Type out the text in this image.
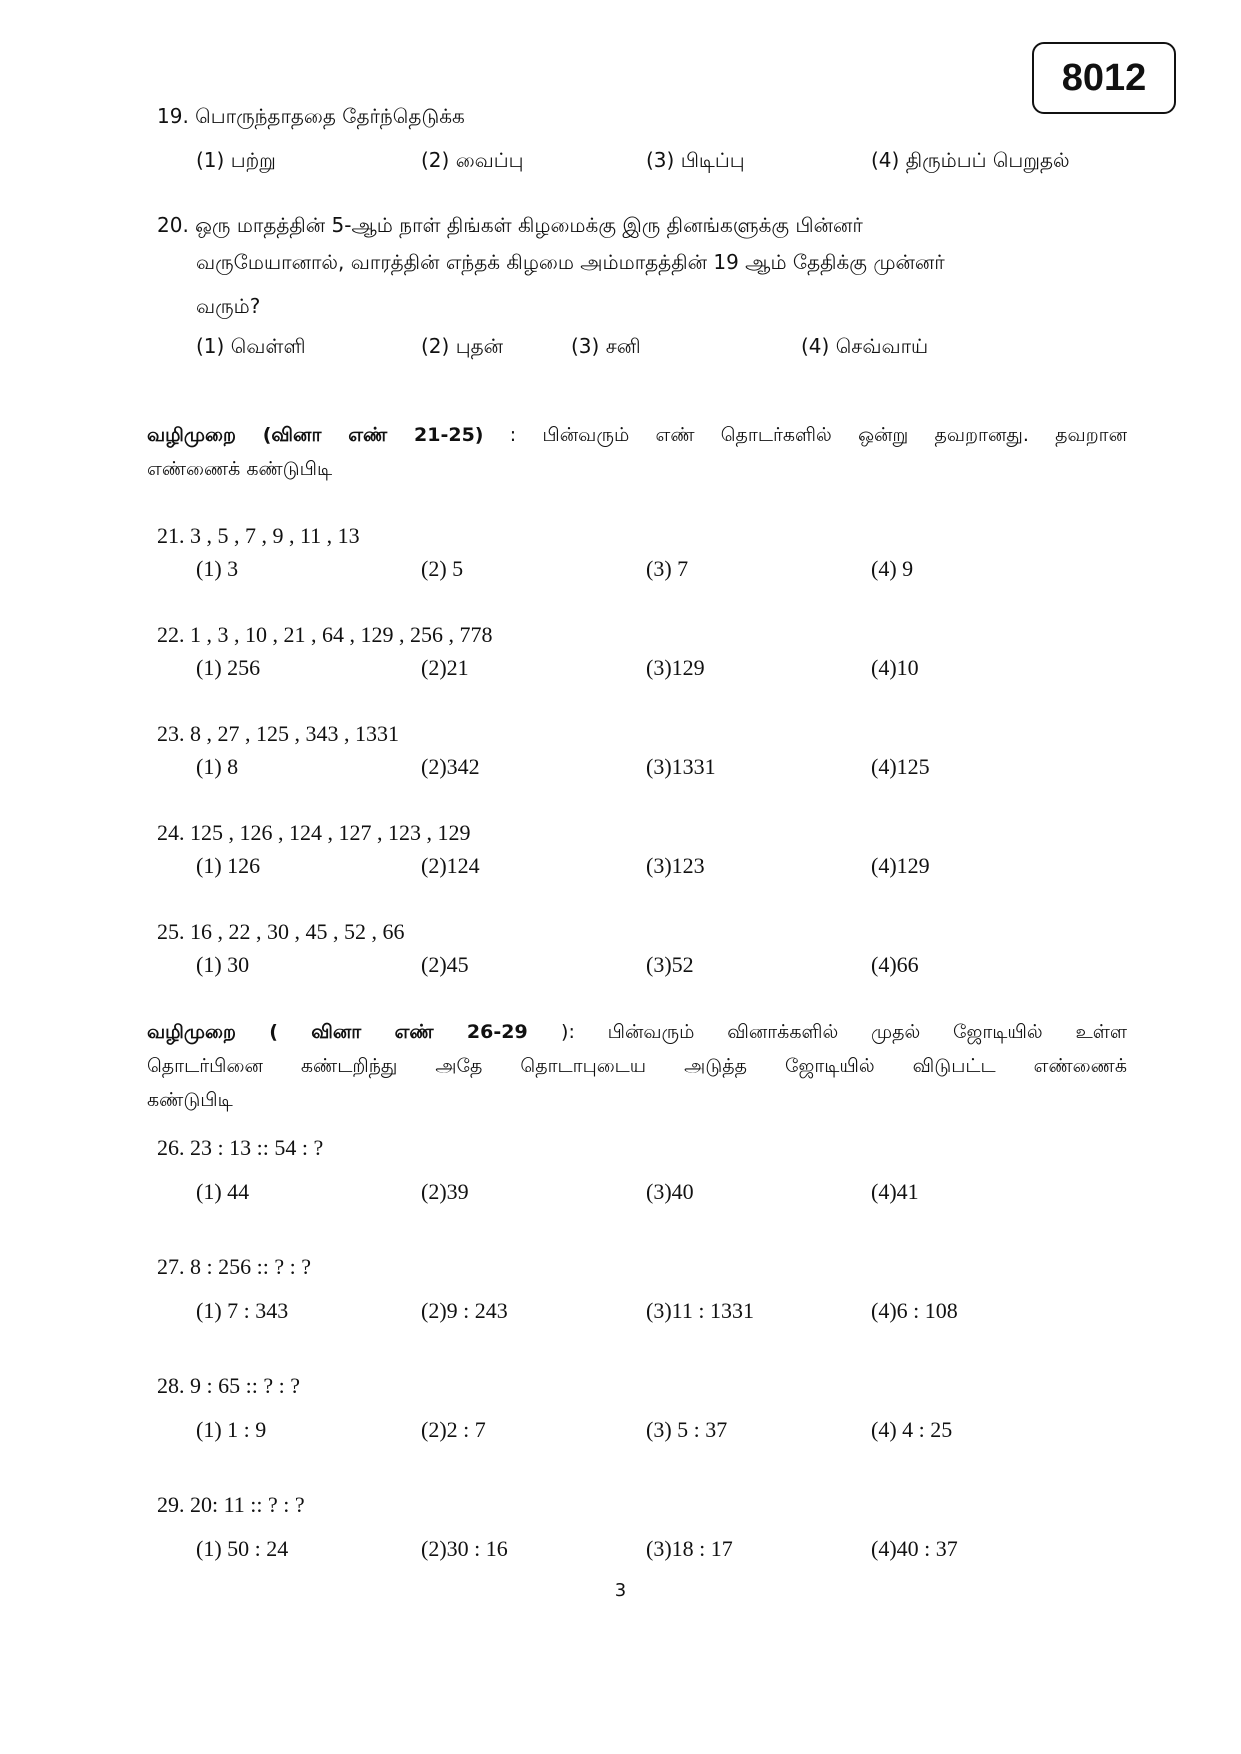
8012
19. பொருந்தாததை தேர்ந்தெடுக்க
(1) பற்று	(2) வைப்பு	(3) பிடிப்பு	(4) திரும்பப் பெறுதல்
20. ஒரு மாதத்தின் 5-ஆம் நாள் திங்கள் கிழமைக்கு இரு தினங்களுக்கு பின்னர்
வருமேயானால், வாரத்தின் எந்தக் கிழமை அம்மாதத்தின் 19 ஆம் தேதிக்கு முன்னர்
வரும்?
(1) வெள்ளி	(2) புதன்	(3) சனி	(4) செவ்வாய்
வழிமுறை (வினா எண் 21-25) : பின்வரும் எண் தொடர்களில் ஒன்று தவறானது. தவறான
எண்ணைக் கண்டுபிடி
21. 3 , 5 , 7 , 9 , 11 , 13
(1) 3	(2) 5	(3) 7	(4) 9
22. 1 , 3 , 10 , 21 , 64 , 129 , 256 , 778
(1) 256	(2)21	(3)129	(4)10
23. 8 , 27 , 125 , 343 , 1331
(1) 8	(2)342	(3)1331	(4)125
24. 125 , 126 , 124 , 127 , 123 , 129
(1) 126	(2)124	(3)123	(4)129
25. 16 , 22 , 30 , 45 , 52 , 66
(1) 30	(2)45	(3)52	(4)66
வழிமுறை ( வினா எண் 26-29 ): பின்வரும் வினாக்களில் முதல் ஜோடியில் உள்ள
தொடர்பினை கண்டறிந்து அதே தொடாபுடைய அடுத்த ஜோடியில் விடுபட்ட எண்ணைக்
கண்டுபிடி
26. 23 : 13 :: 54 : ?
(1) 44	(2)39	(3)40	(4)41
27. 8 : 256 :: ? : ?
(1) 7 : 343	(2)9 : 243	(3)11 : 1331	(4)6 : 108
28. 9 : 65 :: ? : ?
(1) 1 : 9	(2)2 : 7	(3) 5 : 37	(4) 4 : 25
29. 20: 11 :: ? : ?
(1) 50 : 24	(2)30 : 16	(3)18 : 17	(4)40 : 37
3
